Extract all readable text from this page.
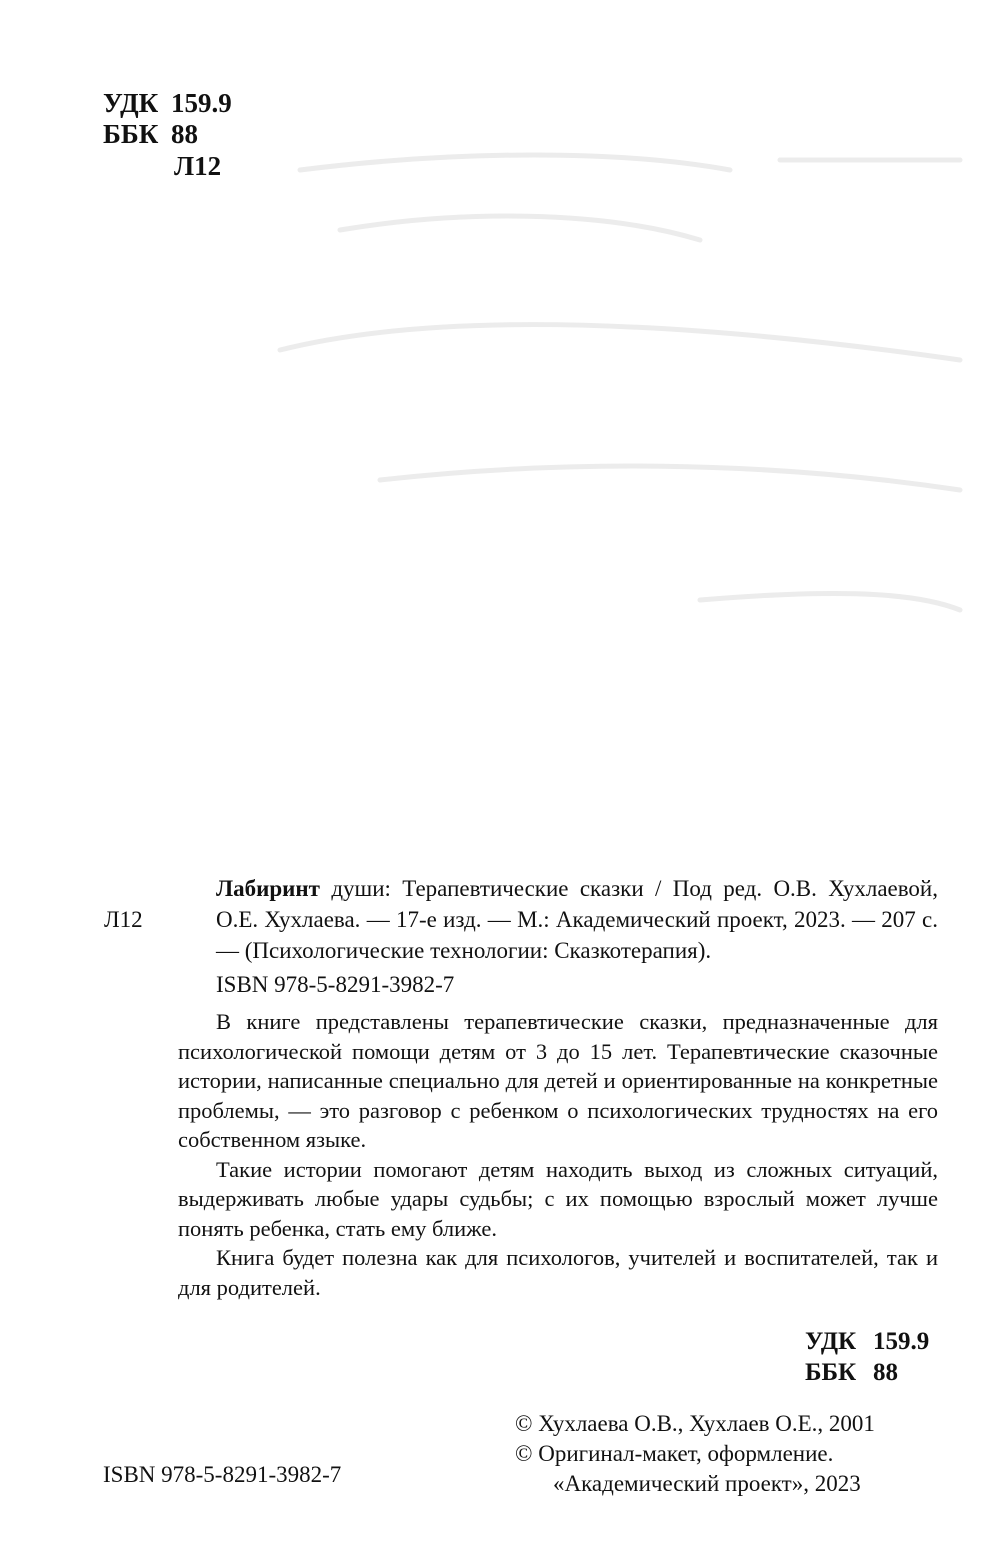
УДК 159.9
ББК 88
Л12
Л12
Лабиринт души: Терапевтические сказки / Под ред. О.В. Хухлаевой, О.Е. Хухлаева. — 17-е изд. — М.: Академический проект, 2023. — 207 с.— (Психологические технологии: Сказкотерапия).
ISBN 978-5-8291-3982-7

В книге представлены терапевтические сказки, предназначенные для психологической помощи детям от 3 до 15 лет. Терапевтические сказочные истории, написанные специально для детей и ориентированные на конкретные проблемы, — это разговор с ребенком о психологических трудностях на его собственном языке.

Такие истории помогают детям находить выход из сложных ситуаций, выдерживать любые удары судьбы; с их помощью взрослый может лучше понять ребенка, стать ему ближе.

Книга будет полезна как для психологов, учителей и воспитателей, так и для родителей.

УДК 159.9
ББК 88
© Хухлаева О.В., Хухлаев О.Е., 2001
© Оригинал-макет, оформление.
«Академический проект», 2023
ISBN 978-5-8291-3982-7
